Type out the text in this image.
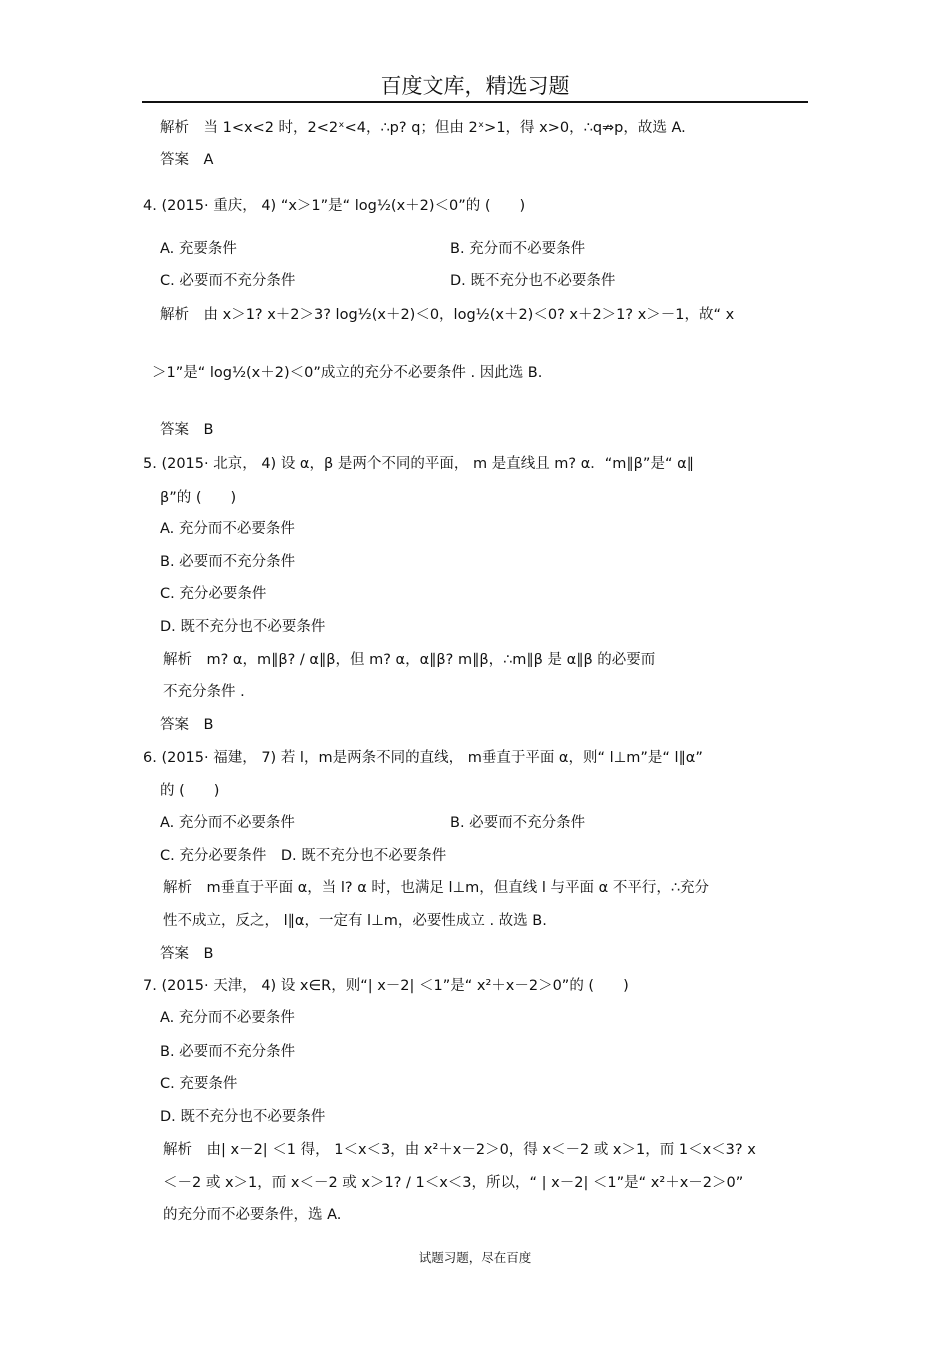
百度文库，精选习题
解析　当 1<x<2 时，2<2ˣ<4，∴p? q；但由 2ˣ>1，得 x>0，∴q⇏p，故选 A.
答案　A
4. (2015· 重庆， 4) “x＞1”是“ log½(x＋2)＜0”的 (　　)
A. 充要条件	B. 充分而不必要条件
C. 必要而不充分条件	D. 既不充分也不必要条件
解析　由 x＞1? x＋2＞3? log½(x＋2)＜0，log½(x＋2)＜0? x＋2＞1? x＞－1，故“ x
＞1”是“ log½(x＋2)＜0”成立的充分不必要条件 . 因此选 B.
答案　B
5. (2015· 北京， 4) 设 α，β 是两个不同的平面， m 是直线且 m? α．“m∥β”是“ α∥
β”的 (　　)
A. 充分而不必要条件
B. 必要而不充分条件
C. 充分必要条件
D. 既不充分也不必要条件
解析　m? α，m∥β? / α∥β，但 m? α，α∥β? m∥β，∴m∥β 是 α∥β 的必要而
不充分条件 .
答案　B
6. (2015· 福建， 7) 若 l，m是两条不同的直线， m垂直于平面 α，则“ l⊥m”是“ l∥α”
的 (　　)
A. 充分而不必要条件	B. 必要而不充分条件
C. 充分必要条件　D. 既不充分也不必要条件
解析　m垂直于平面 α，当 l? α 时，也满足 l⊥m，但直线 l 与平面 α 不平行，∴充分
性不成立，反之， l∥α，一定有 l⊥m，必要性成立 . 故选 B.
答案　B
7. (2015· 天津， 4) 设 x∈R，则“| x－2| ＜1”是“ x²＋x－2＞0”的 (　　)
A. 充分而不必要条件
B. 必要而不充分条件
C. 充要条件
D. 既不充分也不必要条件
解析　由| x－2| ＜1 得， 1＜x＜3，由 x²＋x－2＞0，得 x＜－2 或 x＞1，而 1＜x＜3? x
＜－2 或 x＞1，而 x＜－2 或 x＞1? / 1＜x＜3，所以，“ | x－2| ＜1”是“ x²＋x－2＞0”
的充分而不必要条件，选 A.
试题习题，尽在百度
